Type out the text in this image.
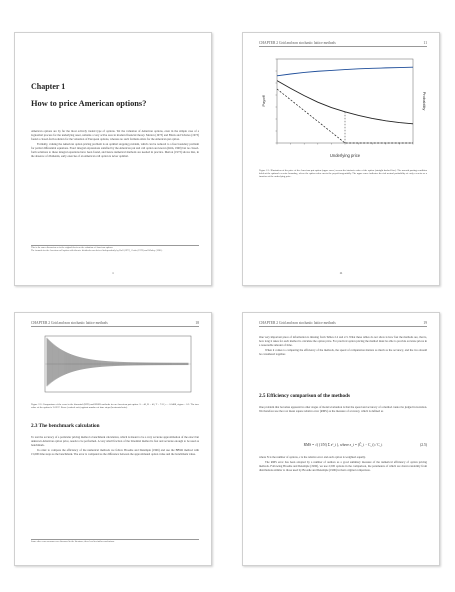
Chapter 1
How to price American options?

American options are by far the most actively traded type of options. Yet the valuation of American options, even in the simple case of a lognormal process for the underlying asset, remains a very active area in modern financial theory. Merton (1973) and Black and Scholes (1973) found a closed-form solution for the valuation of European options, whereas no such formula exists for the American put option.

Formally, valuing the American option pricing problem is an optimal stopping problem, which can be reduced to a free boundary problem for partial differential equations. Exact integral expressions satisfied by the American put and call option are known (Kim, 1990) but no closed-form solutions to these integral equations have been found, and hence numerical methods are needed in practice. Merton (1973) shows that, in the absence of dividends, early exercise of an American call option is never optimal.

This is the same discussion as in the original thesis on the valuation of American options.
The formula for the American call option with discrete dividends was derived independently by Roll (1977), Geske (1979) and Whaley (1981).
1
CHAPTER 2 Grid and non stochastic lattice methods	11
Underlying price
Payoff	Probability
Figure 2.1: Illustration of the price of the American put option (upper curve) versus the intrinsic value of the option (straight dashed line). The smooth pasting condition holds at the optimal exercise boundary, where the option value meets the payoff tangentially. The upper curve indicates the risk neutral probability of early exercise as a function of the underlying price.
11
CHAPTER 2 Grid and non stochastic lattice methods	18
Figure 2.2: Comparison of the error in the binomial (BIN) and BBSR methods for an American put option. S = 40, K = 40, T = 7/12, r = 0.0488, sigma = 0.3. The true value of the option is 2.0337. Error (vertical axis) against number of time steps (horizontal axis).
2.3 The benchmark calculation

To test the accuracy of a particular pricing method a benchmark calculation, which is meant to be a very accurate approximation of the exact but unknown American option price, needs to be performed. A very small fraction of the binomial method is fast and accurate enough to be used as benchmark.

In order to compare the efficiency of the numerical methods we follow Broadie and Detemple (1996) and use the BBSR method with 15,000 time steps as the benchmark. The error is computed as the difference between the approximated option value and the benchmark value.

Some other error measures are discussed in the literature; these lead to similar conclusions.
CHAPTER 2 Grid and non stochastic lattice methods	19

One very important piece of information is missing from Tables 2.2 and 2.3. What these tables do not show is how fast the methods are, that is, how long it takes for each method to calculate the option price. For practical option pricing the method must be able to provide accurate prices in a reasonable amount of time.

When it comes to comparing the efficiency of the methods, the speed of computation matters as much as the accuracy, and the two should be considered together.

2.5 Efficiency comparison of the methods

One problem that becomes apparent in other stages of model evaluation is that the speed and accuracy of a method cannot be judged in isolation. We therefore use the root mean square relative error (RMS) as the measure of accuracy, which is defined as

RMS = √( (1/N) Σ ε²_i ), where ε_i = (Ĉ_i − C_i) / C_i	(2.5)

where N is the number of options, ε is the relative error and each option is weighted equally.

The RMS error has been adopted by a number of authors as a good summary measure of the numerical efficiency of option pricing methods. Following Broadie and Detemple (1996), we use 2,500 options in the comparison, the parameters of which are drawn randomly from distributions similar to those used by Broadie and Detemple (1996) in their original comparison.
